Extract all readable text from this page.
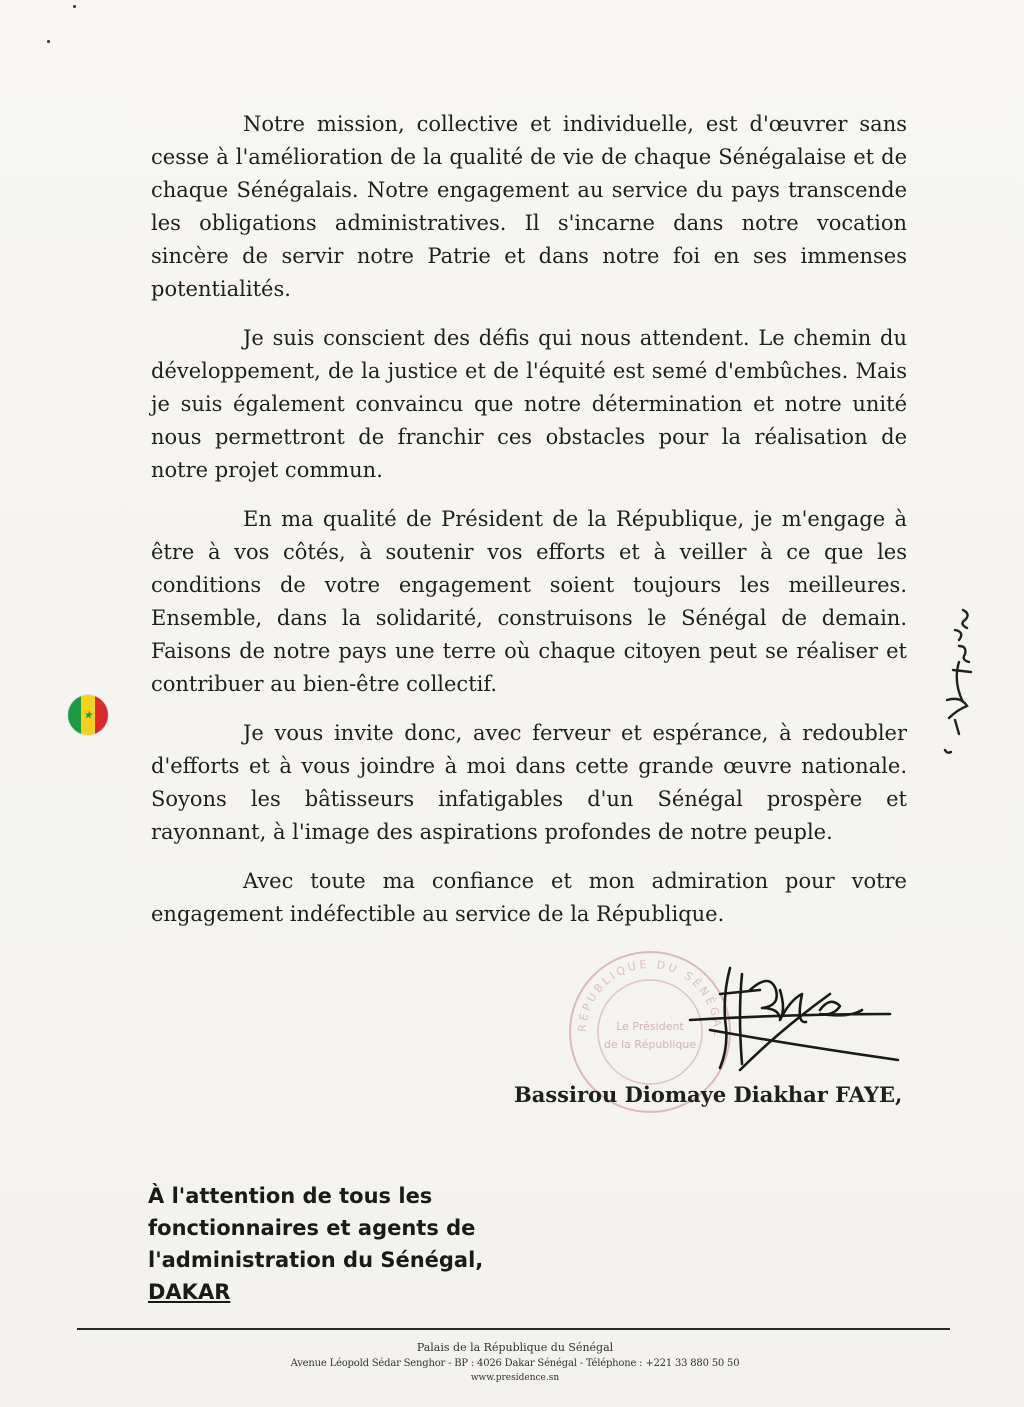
Notre mission, collective et individuelle, est d'œuvrer sans cesse à l'amélioration de la qualité de vie de chaque Sénégalaise et de chaque Sénégalais. Notre engagement au service du pays transcende les obligations administratives. Il s'incarne dans notre vocation sincère de servir notre Patrie et dans notre foi en ses immenses potentialités.

Je suis conscient des défis qui nous attendent. Le chemin du développement, de la justice et de l'équité est semé d'embûches. Mais je suis également convaincu que notre détermination et notre unité nous permettront de franchir ces obstacles pour la réalisation de notre projet commun.

En ma qualité de Président de la République, je m'engage à être à vos côtés, à soutenir vos efforts et à veiller à ce que les conditions de votre engagement soient toujours les meilleures. Ensemble, dans la solidarité, construisons le Sénégal de demain. Faisons de notre pays une terre où chaque citoyen peut se réaliser et contribuer au bien-être collectif.

Je vous invite donc, avec ferveur et espérance, à redoubler d'efforts et à vous joindre à moi dans cette grande œuvre nationale. Soyons les bâtisseurs infatigables d'un Sénégal prospère et rayonnant, à l'image des aspirations profondes de notre peuple.

Avec toute ma confiance et mon admiration pour votre engagement indéfectible au service de la République.

★
RÉPUBLIQUE DU SÉNÉGAL
Le Président
de la République
Bassirou Diomaye Diakhar FAYE,
À l'attention de tous les
fonctionnaires et agents de
l'administration du Sénégal,
DAKAR
Palais de la République du Sénégal
Avenue Léopold Sédar Senghor - BP : 4026 Dakar Sénégal - Téléphone : +221 33 880 50 50
www.presidence.sn
